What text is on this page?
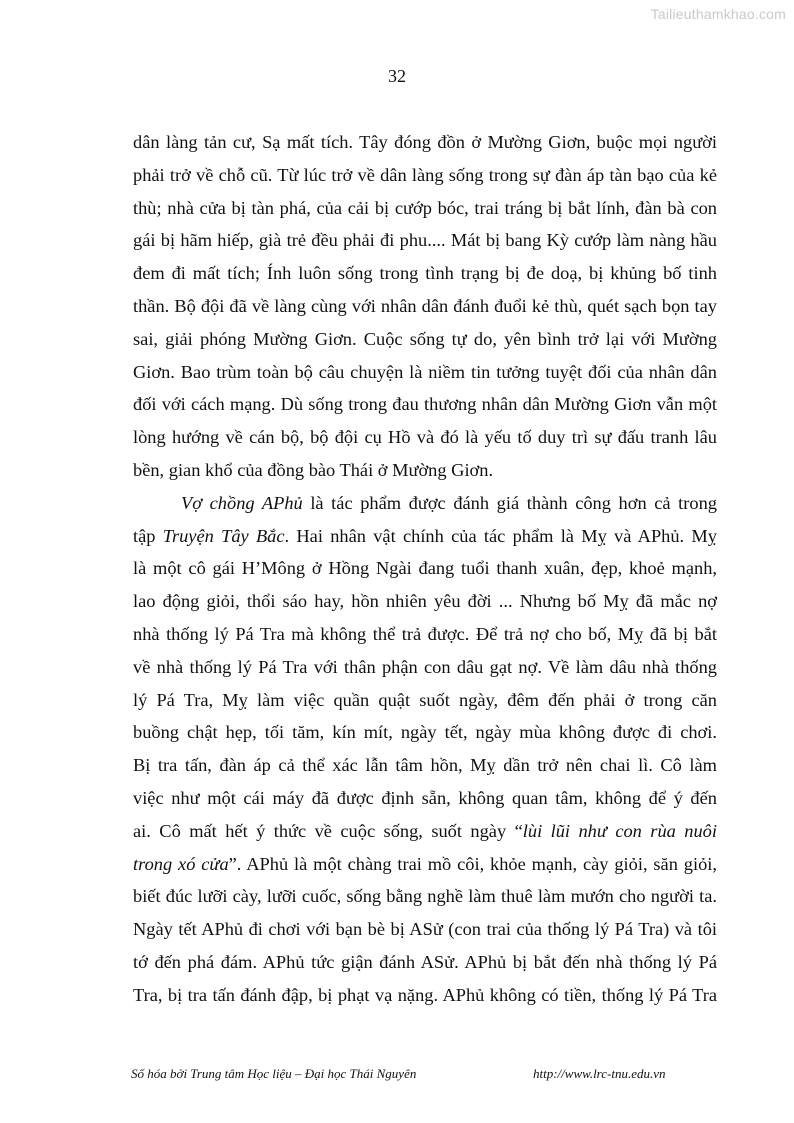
Tailieuthamkhao.com
32
dân làng tản cư, Sạ mất tích. Tây đóng đồn ở Mường Giơn, buộc mọi người
phải trở về chỗ cũ. Từ lúc trở về dân làng sống trong sự đàn áp tàn bạo của kẻ
thù; nhà cửa bị tàn phá, của cải bị cướp bóc, trai tráng bị bắt lính, đàn bà con
gái bị hãm hiếp, già trẻ đều phải đi phu.... Mát bị bang Kỳ cướp làm nàng hầu
đem đi mất tích; Ính luôn sống trong tình trạng bị đe doạ, bị khủng bố tinh
thần. Bộ đội đã về làng cùng với nhân dân đánh đuổi kẻ thù, quét sạch bọn tay
sai, giải phóng Mường Giơn. Cuộc sống tự do, yên bình trở lại với Mường
Giơn. Bao trùm toàn bộ câu chuyện là niềm tin tưởng tuyệt đối của nhân dân
đối với cách mạng. Dù sống trong đau thương nhân dân Mường Giơn vẫn một
lòng hướng về cán bộ, bộ đội cụ Hồ và đó là yếu tố duy trì sự đấu tranh lâu
bền, gian khổ của đồng bào Thái ở Mường Giơn.
Vợ chồng APhủ là tác phẩm được đánh giá thành công hơn cả trong
tập Truyện Tây Bắc. Hai nhân vật chính của tác phẩm là Mỵ và APhủ. Mỵ
là một cô gái H’Mông ở Hồng Ngài đang tuổi thanh xuân, đẹp, khoẻ mạnh,
lao động giỏi, thổi sáo hay, hồn nhiên yêu đời ... Nhưng bố Mỵ đã mắc nợ
nhà thống lý Pá Tra mà không thể trả được. Để trả nợ cho bố, Mỵ đã bị bắt
về nhà thống lý Pá Tra với thân phận con dâu gạt nợ. Về làm dâu nhà thống
lý Pá Tra, Mỵ làm việc quần quật suốt ngày, đêm đến phải ở trong căn
buồng chật hẹp, tối tăm, kín mít, ngày tết, ngày mùa không được đi chơi.
Bị tra tấn, đàn áp cả thể xác lẫn tâm hồn, Mỵ dần trở nên chai lì. Cô làm
việc như một cái máy đã được định sẵn, không quan tâm, không để ý đến
ai. Cô mất hết ý thức về cuộc sống, suốt ngày “lùi lũi như con rùa nuôi
trong xó cửa”. APhủ là một chàng trai mồ côi, khỏe mạnh, cày giỏi, săn giỏi,
biết đúc lưỡi cày, lưỡi cuốc, sống bằng nghề làm thuê làm mướn cho người ta.
Ngày tết APhủ đi chơi với bạn bè bị ASử (con trai của thống lý Pá Tra) và tôi
tớ đến phá đám. APhủ tức giận đánh ASử. APhủ bị bắt đến nhà thống lý Pá
Tra, bị tra tấn đánh đập, bị phạt vạ nặng. APhủ không có tiền, thống lý Pá Tra
Số hóa bởi Trung tâm Học liệu – Đại học Thái Nguyên	http://www.lrc-tnu.edu.vn
